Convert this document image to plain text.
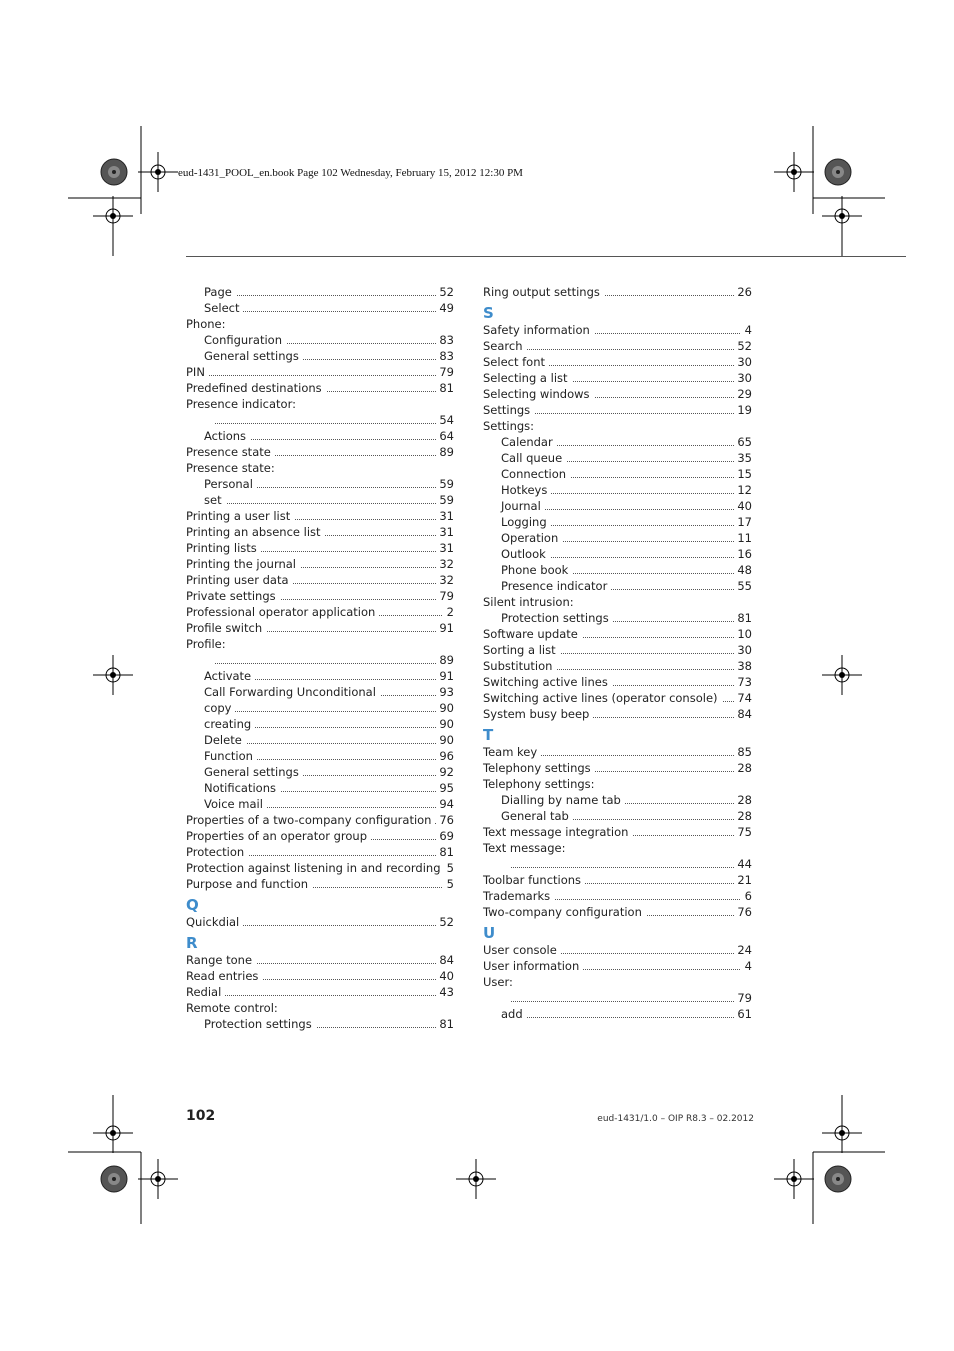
eud-1431_POOL_en.book Page 102 Wednesday, February 15, 2012 12:30 PM
Page	52
Select	49
Phone:
Configuration	83
General settings	83
PIN	79
Predefined destinations	81
Presence indicator:
54
Actions	64
Presence state	89
Presence state:
Personal	59
set	59
Printing a user list	31
Printing an absence list	31
Printing lists	31
Printing the journal	32
Printing user data	32
Private settings	79
Professional operator application	2
Profile switch	91
Profile:
89
Activate	91
Call Forwarding Unconditional	93
copy	90
creating	90
Delete	90
Function	96
General settings	92
Notifications	95
Voice mail	94
Properties of a two-company configuration 76
Properties of an operator group	69
Protection	81
Protection against listening in and recording 5
Purpose and function	5
Q
Quickdial	52
R
Range tone	84
Read entries	40
Redial	43
Remote control:
Protection settings	81
Ring output settings	26
S
Safety information	4
Search	52
Select font	30
Selecting a list	30
Selecting windows	29
Settings	19
Settings:
Calendar	65
Call queue	35
Connection	15
Hotkeys	12
Journal	40
Logging	17
Operation	11
Outlook	16
Phone book	48
Presence indicator	55
Silent intrusion:
Protection settings	81
Software update	10
Sorting a list	30
Substitution	38
Switching active lines	73
Switching active lines (operator console) 74
System busy beep	84
T
Team key	85
Telephony settings	28
Telephony settings:
Dialling by name tab	28
General tab	28
Text message integration	75
Text message:
44
Toolbar functions	21
Trademarks	6
Two-company configuration	76
U
User console	24
User information	4
User:
79
add	61
102	eud-1431/1.0 – OIP R8.3 – 02.2012
